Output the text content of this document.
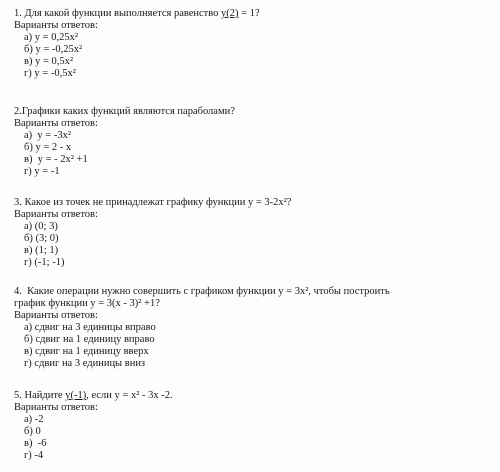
1. Для какой функции выполняется равенство y(2) = 1?

Варианты ответов:

а) у = 0,25х²

б) у = -0,25х²

в) у = 0,5х²

г) у = -0,5х²

2.Графики каких функций являются параболами?

Варианты ответов:

а)  у = -3х²

б) у = 2 - х

в)  у = - 2х² +1

г) у = -1

3. Какое из точек не принадлежат графику функции у = 3-2х²?

Варианты ответов:

а) (0; 3)

б) (3; 0)

в) (1; 1)

г) (-1; -1)

4.  Какие операции нужно совершить с графиком функции у = 3х², чтобы построить

график функции у = 3(х - 3)² +1?

Варианты ответов:

а) сдвиг на 3 единицы вправо

б) сдвиг на 1 единицу вправо

в) сдвиг на 1 единицу вверх

г) сдвиг на 3 единицы вниз

5. Найдите у(-1), если у = х² - 3х -2.

Варианты ответов:

а) -2

б) 0

в)  -6

г) -4
